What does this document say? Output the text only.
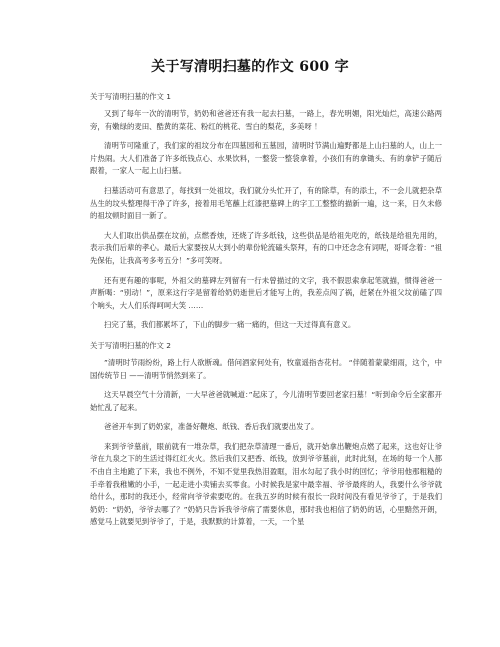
关于写清明扫墓的作文 600 字
关于写清明扫墓的作文 1

又到了每年一次的清明节，奶奶和爸爸还有我一起去扫墓，一路上，春光明媚，阳光灿烂，高速公路两旁，有嫩绿的麦田、酷黄的菜花、粉红的桃花、雪白的梨花，多美呀 ！

清明节可隆重了，我们家的祖坟分布在四墓园和五墓园，清明时节满山遍野都是上山扫墓的人，山上一片热闹。大人们准备了许多纸钱点心、水果饮料，一整袋一整袋拿着，小孩们有的拿锄头、有的拿铲子随后跟着，一家人一起上山扫墓。

扫墓活动可有意思了，每找到一处祖坟，我们就分头忙开了，有的除草，有的添土，不一会儿就把杂草丛生的坟头整理得干净了许多，接着用毛笔蘸上红漆把墓碑上的字工工整整的描新一遍，这一来，日久未修的祖坟顿时面目一新了。

大人们取出供品摆在坟前，点燃香烛，还烧了许多纸钱，这些供品是给祖先吃的，纸钱是给祖先用的，表示我们后辈的孝心。最后大家要按从大到小的辈份轮流磕头祭拜，有的口中还念念有词呢，哥哥念着：“祖先保佑，让我高考多考五分！”多可笑呀。

还有更有趣的事呢，外祖父的墓碑左列留有一行未曾描过的文字，我不假思索拿起笔就描，惯得爸爸一声断喝：“别动！”，原来这行字是留着给奶奶逝世后才能写上的，我差点闯了祸，赶紧在外祖父坟前磕了四个响头，大人们乐得呵呵大笑 ……

扫完了墓，我们都累坏了，下山的脚步一痛一痛的，但这一天过得真有意义。

关于写清明扫墓的作文 2

”清明时节雨纷纷，路上行人欲断魂。借问酒家何处有，牧童遥指杏花村。 “伴随着蒙蒙细雨，这个，中国传统节日 ——清明节悄然到来了。

这天早晨空气十分清新，一大早爸爸就喊道：”起床了，今儿清明节要回老家扫墓！“听到命令后全家都开始忙乱了起来。

爸爸开车到了奶奶家，准备好鞭炮、纸钱、香后我们就要出发了。

来到爷爷墓前，眼前就有一堆杂草，我们把杂草清理一番后，就开始拿出鞭炮点燃了起来，这也好让爷爷在九泉之下的生活过得红红火火。然后我们又把香、纸钱，放到爷爷墓前，此时此刻，在场的每一个人都不由自主地跪了下来，我也不例外，不知不觉里我热泪盈眶，泪水勾起了我小时的回忆；爷爷用他那粗糙的手牵着我稚嫩的小手，一起走进小卖铺去买零食。小时候我是家中最幸福、爷爷最疼的人，我要什么爷爷就给什么，那时的我还小，经常向爷爷索要吃的。在我五岁的时候有很长一段时间没有看见爷爷了，于是我们奶奶：“奶奶，爷爷去哪了？”奶奶只告诉我爷爷病了需要休息，那时我也相信了奶奶的话，心里黯然开朗，感觉马上就要见到爷爷了，于是，我默默的计算着，一天，一个星
